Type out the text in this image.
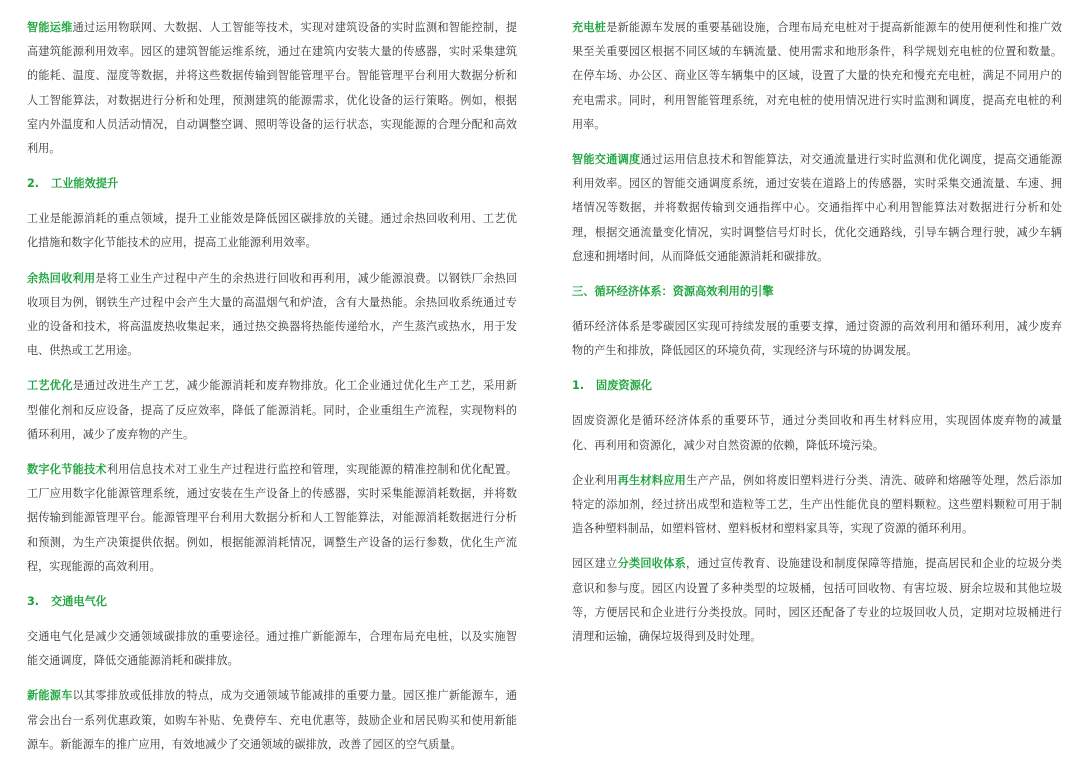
智能运维通过运用物联网、大数据、人工智能等技术，实现对建筑设备的实时监测和智能控制，提高建筑能源利用效率。园区的建筑智能运维系统，通过在建筑内安装大量的传感器，实时采集建筑的能耗、温度、湿度等数据，并将这些数据传输到智能管理平台。智能管理平台利用大数据分析和人工智能算法，对数据进行分析和处理，预测建筑的能源需求，优化设备的运行策略。例如，根据室内外温度和人员活动情况，自动调整空调、照明等设备的运行状态，实现能源的合理分配和高效利用。

2. 工业能效提升

工业是能源消耗的重点领域，提升工业能效是降低园区碳排放的关键。通过余热回收利用、工艺优化措施和数字化节能技术的应用，提高工业能源利用效率。

余热回收利用是将工业生产过程中产生的余热进行回收和再利用，减少能源浪费。以钢铁厂余热回收项目为例，钢铁生产过程中会产生大量的高温烟气和炉渣，含有大量热能。余热回收系统通过专业的设备和技术，将高温废热收集起来，通过热交换器将热能传递给水，产生蒸汽或热水，用于发电、供热或工艺用途。

工艺优化是通过改进生产工艺，减少能源消耗和废弃物排放。化工企业通过优化生产工艺，采用新型催化剂和反应设备，提高了反应效率，降低了能源消耗。同时，企业重组生产流程，实现物料的循环利用，减少了废弃物的产生。

数字化节能技术利用信息技术对工业生产过程进行监控和管理，实现能源的精准控制和优化配置。工厂应用数字化能源管理系统，通过安装在生产设备上的传感器，实时采集能源消耗数据，并将数据传输到能源管理平台。能源管理平台利用大数据分析和人工智能算法，对能源消耗数据进行分析和预测，为生产决策提供依据。例如，根据能源消耗情况，调整生产设备的运行参数，优化生产流程，实现能源的高效利用。

3. 交通电气化

交通电气化是减少交通领域碳排放的重要途径。通过推广新能源车，合理布局充电桩，以及实施智能交通调度，降低交通能源消耗和碳排放。

新能源车以其零排放或低排放的特点，成为交通领域节能减排的重要力量。园区推广新能源车，通常会出台一系列优惠政策，如购车补贴、免费停车、充电优惠等，鼓励企业和居民购买和使用新能源车。新能源车的推广应用，有效地减少了交通领域的碳排放，改善了园区的空气质量。

充电桩是新能源车发展的重要基础设施，合理布局充电桩对于提高新能源车的使用便利性和推广效果至关重要园区根据不同区域的车辆流量、使用需求和地形条件，科学规划充电桩的位置和数量。在停车场、办公区、商业区等车辆集中的区域，设置了大量的快充和慢充充电桩，满足不同用户的充电需求。同时，利用智能管理系统，对充电桩的使用情况进行实时监测和调度，提高充电桩的利用率。

智能交通调度通过运用信息技术和智能算法，对交通流量进行实时监测和优化调度，提高交通能源利用效率。园区的智能交通调度系统，通过安装在道路上的传感器，实时采集交通流量、车速、拥堵情况等数据，并将数据传输到交通指挥中心。交通指挥中心利用智能算法对数据进行分析和处理，根据交通流量变化情况，实时调整信号灯时长，优化交通路线，引导车辆合理行驶，减少车辆怠速和拥堵时间，从而降低交通能源消耗和碳排放。

三、循环经济体系：资源高效利用的引擎

循环经济体系是零碳园区实现可持续发展的重要支撑，通过资源的高效利用和循环利用，减少废弃物的产生和排放，降低园区的环境负荷，实现经济与环境的协调发展。

1. 固废资源化

固废资源化是循环经济体系的重要环节，通过分类回收和再生材料应用，实现固体废弃物的减量化、再利用和资源化，减少对自然资源的依赖，降低环境污染。

企业利用再生材料应用生产产品，例如将废旧塑料进行分类、清洗、破碎和熔融等处理，然后添加特定的添加剂，经过挤出成型和造粒等工艺，生产出性能优良的塑料颗粒。这些塑料颗粒可用于制造各种塑料制品，如塑料管材、塑料板材和塑料家具等，实现了资源的循环利用。

园区建立分类回收体系，通过宣传教育、设施建设和制度保障等措施，提高居民和企业的垃圾分类意识和参与度。园区内设置了多种类型的垃圾桶，包括可回收物、有害垃圾、厨余垃圾和其他垃圾等，方便居民和企业进行分类投放。同时，园区还配备了专业的垃圾回收人员，定期对垃圾桶进行清理和运输，确保垃圾得到及时处理。
